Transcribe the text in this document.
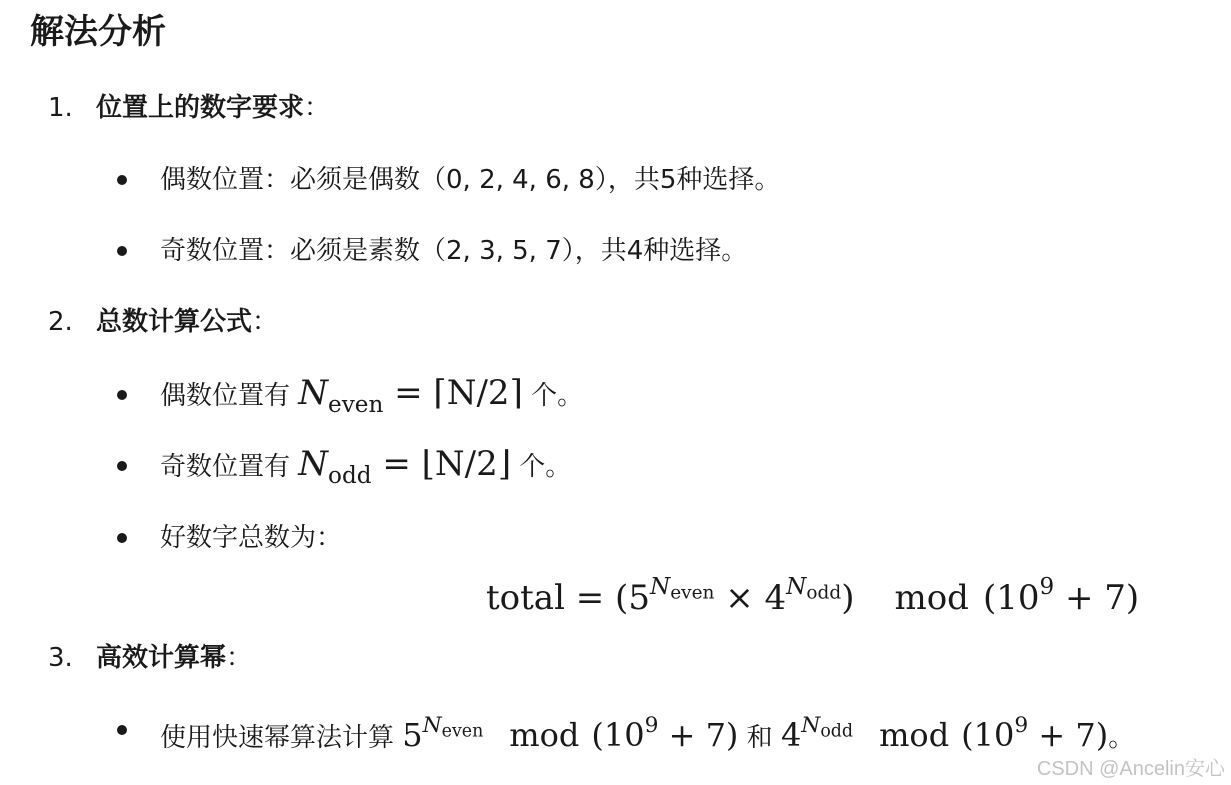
解法分析
1. 位置上的数字要求：
偶数位置：必须是偶数（0, 2, 4, 6, 8），共5种选择。
奇数位置：必须是素数（2, 3, 5, 7），共4种选择。
2. 总数计算公式：
偶数位置有 $N_{even}$ = ⌈N/2⌉ 个。
奇数位置有 $N_{odd}$ = ⌊N/2⌋ 个。
好数字总数为：
total = $(5^{Neven} \times 4^{Nodd})$ mod $(10^9 + 7)$
3. 高效计算幂：
使用快速幂算法计算 $5^{N_{even}}$ mod $(10^9 + 7)$ 和 $4^{N_{odd}}$ mod $(10^9 + 7)$。
CSDN @Ancelin安心
